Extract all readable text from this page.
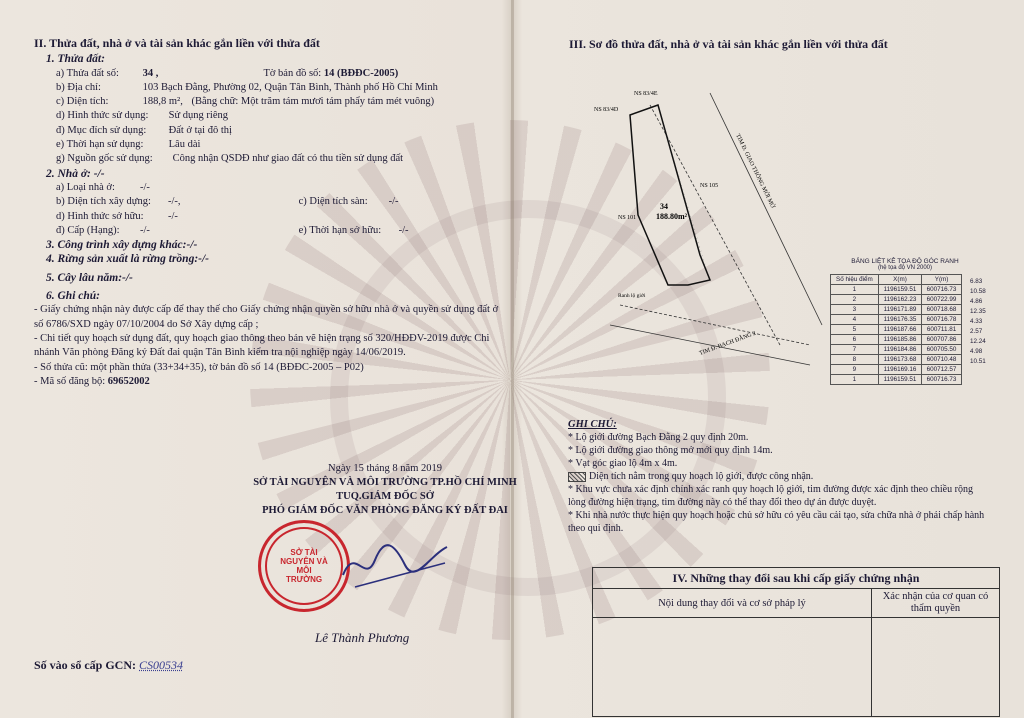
II. Thửa đất, nhà ở và tài sản khác gắn liền với thửa đất
1. Thửa đất:
a) Thửa đất số: 34 ,	Tờ bản đồ số: 14 (BĐĐC-2005)
b) Địa chỉ:	103 Bạch Đằng, Phường 02, Quận Tân Bình, Thành phố Hồ Chí Minh
c) Diện tích:	188,8 m², (Bằng chữ: Một trăm tám mươi tám phẩy tám mét vuông)
d) Hình thức sử dụng: Sử dụng riêng
đ) Mục đích sử dụng: Đất ở tại đô thị
e) Thời hạn sử dụng: Lâu dài
g) Nguồn gốc sử dụng: Công nhận QSDĐ như giao đất có thu tiền sử dụng đất
2. Nhà ở: -/-
a) Loại nhà ở: -/-
b) Diện tích xây dựng: -/-,	c) Diện tích sàn: -/-
d) Hình thức sở hữu: -/-
đ) Cấp (Hạng): -/-	e) Thời hạn sở hữu: -/-
3. Công trình xây dựng khác:-/-
4. Rừng sản xuất là rừng trồng:-/-
5. Cây lâu năm:-/-
6. Ghi chú:
- Giấy chứng nhận này được cấp để thay thế cho Giấy chứng nhận quyền sở hữu nhà ở và quyền sử dụng đất ở số 6786/SXD ngày 07/10/2004 do Sở Xây dựng cấp ;
- Chi tiết quy hoạch sử dụng đất, quy hoạch giao thông theo bản vẽ hiện trạng số 320/HĐĐV-2019 được Chi nhánh Văn phòng Đăng ký Đất đai quận Tân Bình kiểm tra nội nghiệp ngày 14/06/2019.
- Số thửa cũ: một phần thửa (33+34+35), tờ bản đồ số 14 (BĐĐC-2005 – P02)
- Mã số đăng bộ: 69652002
Ngày 15 tháng 8 năm 2019
SỞ TÀI NGUYÊN VÀ MÔI TRƯỜNG TP.HỒ CHÍ MINH
TUQ.GIÁM ĐỐC SỞ
PHÓ GIÁM ĐỐC VĂN PHÒNG ĐĂNG KÝ ĐẤT ĐAI
SỞ TÀI NGUYÊN VÀ MÔI TRƯỜNG
Lê Thành Phương
Số vào sổ cấp GCN: CS00534
III. Sơ đồ thửa đất, nhà ở và tài sản khác gắn liền với thửa đất
NS 83/4E
NS 83/4D
NS 101
NS 105
34
188.80m²
TIM Đ. GIAO THÔNG MỚI MỞ
TIM Đ. BẠCH ĐẰNG 2
Ranh lộ giới
BẢNG LIỆT KÊ TỌA ĐỘ GÓC RANH
(hệ tọa độ VN 2000)
Số hiệu điểm	X(m)	Y(m)
1	1196159.51	600716.73
2	1196162.23	600722.99
3	1196171.89	600718.68
4	1196176.35	600716.78
5	1196187.66	600711.81
6	1196185.86	600707.86
7	1196184.86	600705.50
8	1196173.68	600710.48
9	1196169.16	600712.57
1	1196159.51	600716.73
6.83
10.58
4.86
12.35
4.33
2.57
12.24
4.98
10.51
GHI CHÚ:
* Lộ giới đường Bạch Đằng 2 quy định 20m.
* Lộ giới đường giao thông mở mới quy định 14m.
* Vạt góc giao lộ 4m x 4m.
Diện tích nằm trong quy hoạch lộ giới, được công nhận.
* Khu vực chưa xác định chính xác ranh quy hoạch lộ giới, tim đường được xác định theo chiều rộng lòng đường hiện trạng, tim đường này có thể thay đổi theo dự án được duyệt.
* Khi nhà nước thực hiện quy hoạch hoặc chủ sở hữu có yêu cầu cải tạo, sửa chữa nhà ở phải chấp hành theo qui định.
IV. Những thay đổi sau khi cấp giấy chứng nhận
Nội dung thay đổi và cơ sở pháp lý
Xác nhận của cơ quan có thẩm quyền
